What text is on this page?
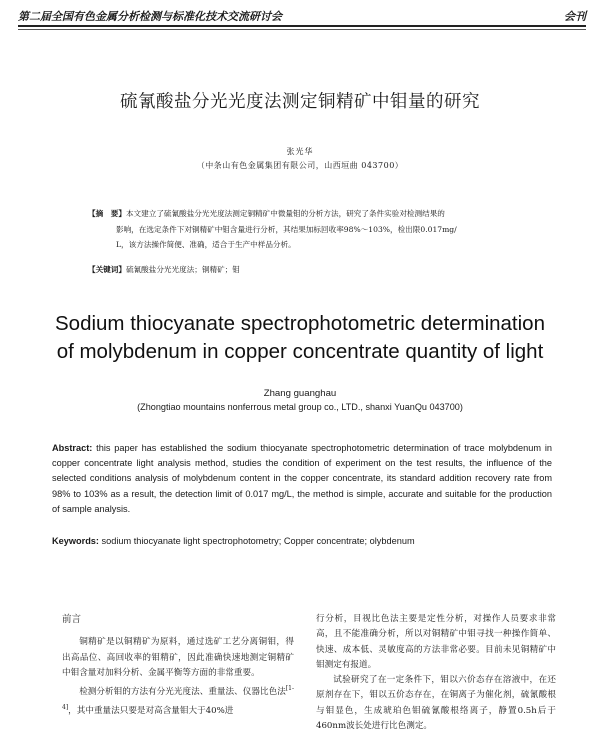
第二届全国有色金属分析检测与标准化技术交流研讨会	会刊
硫氰酸盐分光光度法测定铜精矿中钼量的研究
张光华
（中条山有色金属集团有限公司，山西垣曲 043700）
【摘　要】本文建立了硫氰酸盐分光光度法测定铜精矿中微量钼的分析方法，研究了条件实验对检测结果的
影响，在选定条件下对铜精矿中钼含量进行分析，其结果加标回收率98%～103%，检出限0.017mg/
L，该方法操作简便、准确，适合于生产中样品分析。
【关键词】硫氰酸盐分光光度法；铜精矿；钼
Sodium thiocyanate spectrophotometric determination
of molybdenum in copper concentrate quantity of light
Zhang guanghau
(Zhongtiao mountains nonferrous metal group co., LTD., shanxi YuanQu 043700)
Abstract: this paper has established the sodium thiocyanate spectrophotometric determination of trace molybdenum in copper concentrate light analysis method, studies the condition of experiment on the test results, the influence of the selected conditions analysis of molybdenum content in the copper concentrate, its standard addition recovery rate from 98% to 103% as a result, the detection limit of 0.017 mg/L, the method is simple, accurate and suitable for the production of sample analysis.
Keywords: sodium thiocyanate light spectrophotometry; Copper concentrate; olybdenum
前言

铜精矿是以铜精矿为原料，通过选矿工艺分离铜钼，得出高品位、高回收率的钼精矿，因此准确快速地测定铜精矿中钼含量对加料分析、金属平衡等方面的非常重要。

检测分析钼的方法有分光光度法、重量法、仪器比色法[1-4]，其中重量法只要是对高含量钼大于40%进

行分析，目视比色法主要是定性分析，对操作人员要求非常高，且不能准确分析，所以对铜精矿中钼寻找一种操作简单、快速、成本低、灵敏度高的方法非常必要。目前未见铜精矿中钼测定有报道。

试验研究了在一定条件下，钼以六价态存在溶液中，在还原剂存在下，钼以五价态存在，在铜离子为催化剂，硫氰酸根与钼显色，生成琥珀色钼硫氰酸根络离子，静置0.5h后于460nm波长处进行比色测定。
